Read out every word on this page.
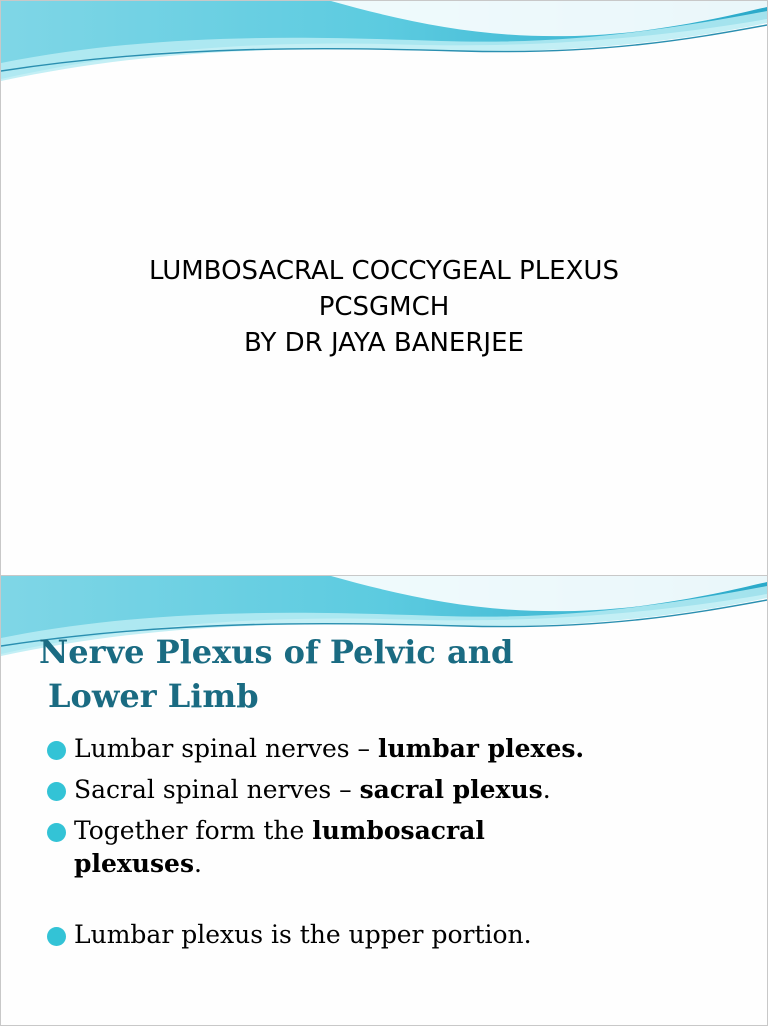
LUMBOSACRAL COCCYGEAL PLEXUS
PCSGMCH
BY DR JAYA BANERJEE
Nerve Plexus of Pelvic and
Lower Limb
Lumbar spinal nerves – lumbar plexes.
Sacral spinal nerves – sacral plexus.
Together form the lumbosacral plexuses.
Lumbar plexus is the upper portion.
